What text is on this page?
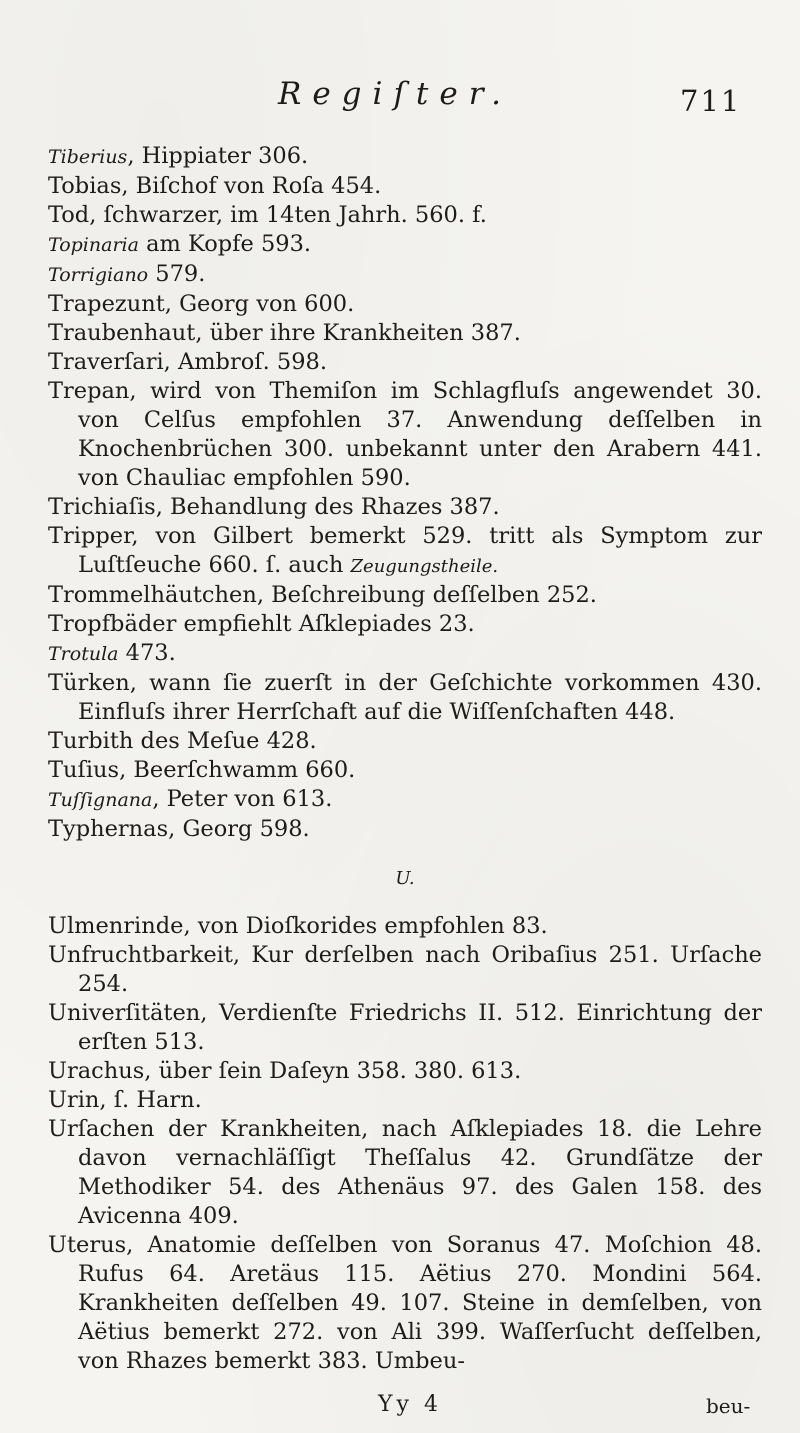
Regiſter.	711
Tiberius, Hippiater 306.
Tobias, Biſchof von Roſa 454.
Tod, ſchwarzer, im 14ten Jahrh. 560. f.
Topinaria am Kopfe 593.
Torrigiano 579.
Trapezunt, Georg von 600.
Traubenhaut, über ihre Krankheiten 387.
Traverſari, Ambroſ. 598.
Trepan, wird von Themiſon im Schlagfluſs angewendet 30. von Celſus empfohlen 37. Anwendung deſſelben in Knochenbrüchen 300. unbekannt unter den Arabern 441. von Chauliac empfohlen 590.
Trichiaſis, Behandlung des Rhazes 387.
Tripper, von Gilbert bemerkt 529. tritt als Symptom zur Luſtſeuche 660. ſ. auch Zeugungstheile.
Trommelhäutchen, Beſchreibung deſſelben 252.
Tropfbäder empfiehlt Aſklepiades 23.
Trotula 473.
Türken, wann ſie zuerſt in der Geſchichte vorkommen 430. Einfluſs ihrer Herrſchaft auf die Wiſſenſchaften 448.
Turbith des Meſue 428.
Tuſius, Beerſchwamm 660.
Tuſſignana, Peter von 613.
Typhernas, Georg 598.
U.
Ulmenrinde, von Dioſkorides empfohlen 83.
Unfruchtbarkeit, Kur derſelben nach Oribaſius 251. Urſache 254.
Univerſitäten, Verdienſte Friedrichs II. 512. Einrichtung der erſten 513.
Urachus, über ſein Daſeyn 358. 380. 613.
Urin, ſ. Harn.
Urſachen der Krankheiten, nach Aſklepiades 18. die Lehre davon vernachläſſigt Theſſalus 42. Grundſätze der Methodiker 54. des Athenäus 97. des Galen 158. des Avicenna 409.
Uterus, Anatomie deſſelben von Soranus 47. Moſchion 48. Rufus 64. Aretäus 115. Aëtius 270. Mondini 564. Krankheiten deſſelben 49. 107. Steine in demſelben, von Aëtius bemerkt 272. von Ali 399. Waſſerſucht deſſelben, von Rhazes bemerkt 383. Umbeu-
Yy 4	beu-
